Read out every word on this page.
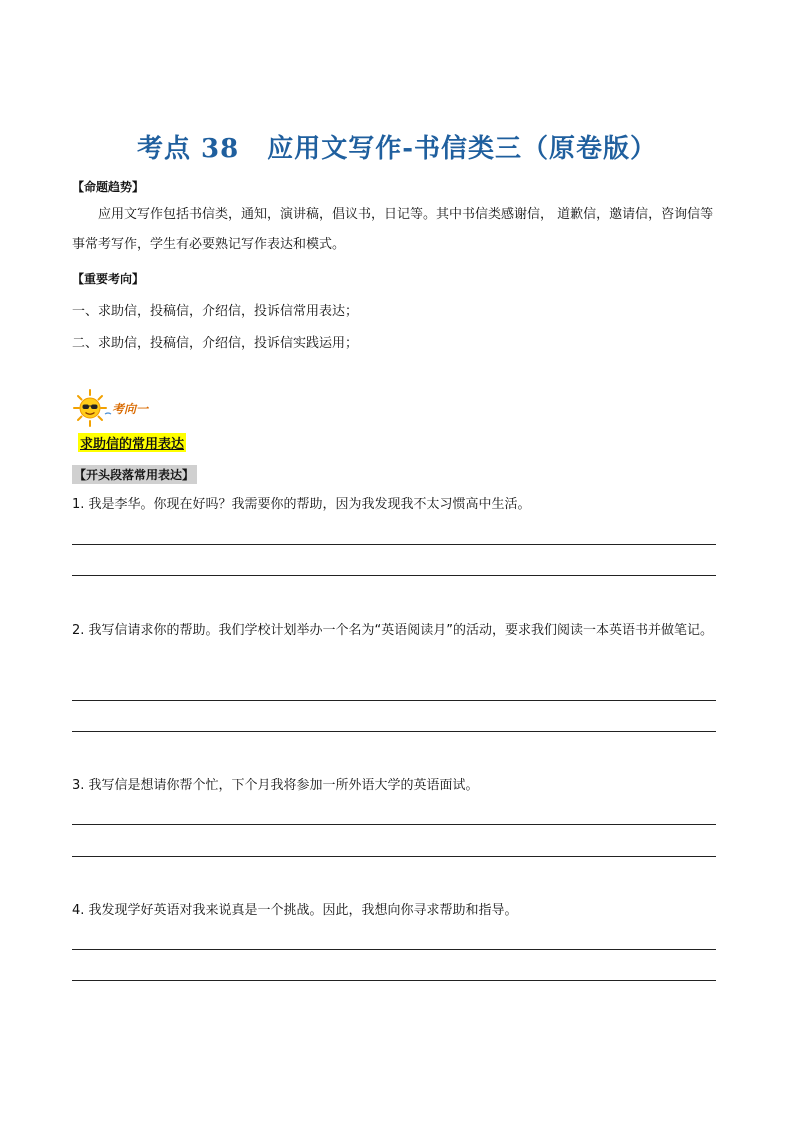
考点 38 应用文写作-书信类三（原卷版）
【命题趋势】
应用文写作包括书信类，通知，演讲稿，倡议书，日记等。其中书信类感谢信， 道歉信，邀请信，咨询信等事常考写作，学生有必要熟记写作表达和模式。
【重要考向】
一、求助信，投稿信，介绍信，投诉信常用表达；
二、求助信，投稿信，介绍信，投诉信实践运用；
考向一
求助信的常用表达
【开头段落常用表达】
1. 我是李华。你现在好吗？我需要你的帮助，因为我发现我不太习惯高中生活。
2. 我写信请求你的帮助。我们学校计划举办一个名为“英语阅读月”的活动，要求我们阅读一本英语书并做笔记。
3. 我写信是想请你帮个忙，下个月我将参加一所外语大学的英语面试。
4. 我发现学好英语对我来说真是一个挑战。因此，我想向你寻求帮助和指导。
